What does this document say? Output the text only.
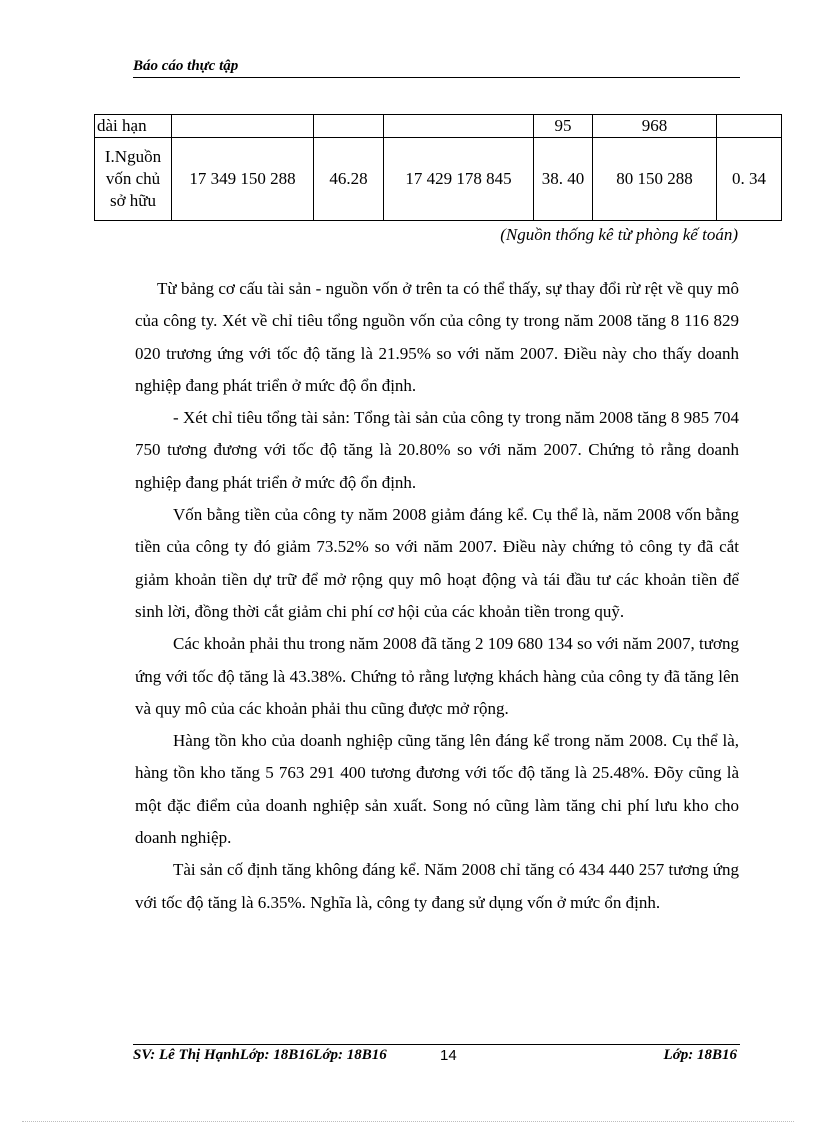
Báo cáo thực tập
dài hạn				95	968	
I.Nguồn vốn chủ sở hữu	17 349 150 288	46.28	17 429 178 845	38. 40	80 150 288	0. 34
(Nguồn thống kê từ phòng kế toán)

Từ bảng cơ cấu tài sản - nguồn vốn ở trên ta có thể thấy, sự thay đổi rừ rệt về quy mô của công ty. Xét về chỉ tiêu tổng nguồn vốn của công ty trong năm 2008 tăng 8 116 829 020 trương ứng với tốc độ tăng là 21.95% so với năm 2007. Điều này cho thấy doanh nghiệp đang phát triển ở mức độ ổn định.

- Xét chỉ tiêu tổng tài sản: Tổng tài sản của công ty trong năm 2008 tăng 8 985 704 750 tương đương với tốc độ tăng là 20.80% so với năm 2007. Chứng tỏ rằng doanh nghiệp đang phát triển ở mức độ ổn định.

Vốn bằng tiền của công ty năm 2008 giảm đáng kể. Cụ thể là, năm 2008 vốn bằng tiền của công ty đó giảm 73.52% so với năm 2007. Điều này chứng tỏ công ty đã cắt giảm khoản tiền dự trữ để mở rộng quy mô hoạt động và tái đầu tư các khoản tiền để sinh lời, đồng thời cắt giảm chi phí cơ hội của các khoản tiền trong quỹ.

Các khoản phải thu trong năm 2008 đã tăng 2 109 680 134 so với năm 2007, tương ứng với tốc độ tăng là 43.38%. Chứng tỏ rằng lượng khách hàng của công ty đã tăng lên và quy mô của các khoản phải thu cũng được mở rộng.

Hàng tồn kho của doanh nghiệp cũng tăng lên đáng kể trong năm 2008. Cụ thể là, hàng tồn kho tăng 5 763 291 400 tương đương với tốc độ tăng là 25.48%. Đõy cũng là một đặc điểm của doanh nghiệp sản xuất. Song nó cũng làm tăng chi phí lưu kho cho doanh nghiệp.

Tài sản cố định tăng không đáng kể. Năm 2008 chỉ tăng có 434 440 257 tương ứng với tốc độ tăng là 6.35%. Nghĩa là, công ty đang sử dụng vốn ở mức ổn định.

SV: Lê Thị HạnhLớp: 18B16Lớp: 18B16	14	Lớp: 18B16
